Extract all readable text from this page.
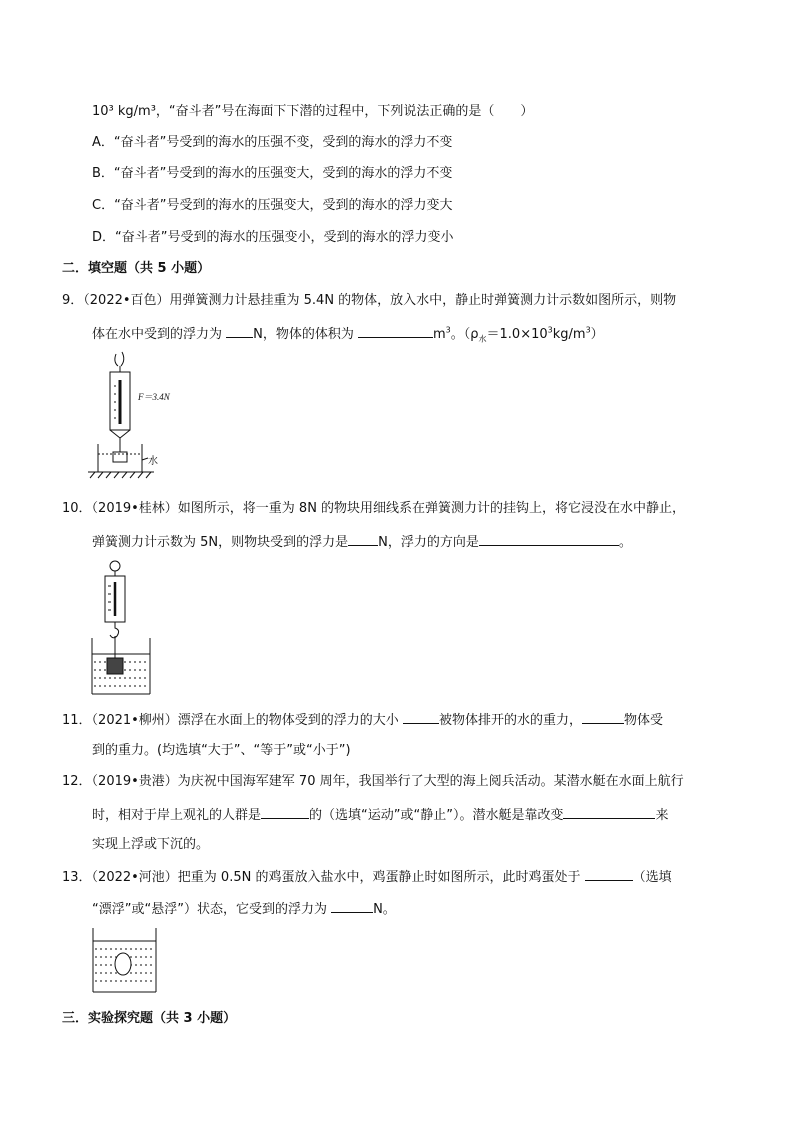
10³ kg/m³，“奋斗者”号在海面下下潜的过程中，下列说法正确的是（　　）
A．“奋斗者”号受到的海水的压强不变，受到的海水的浮力不变
B．“奋斗者”号受到的海水的压强变大，受到的海水的浮力不变
C．“奋斗者”号受到的海水的压强变大，受到的海水的浮力变大
D．“奋斗者”号受到的海水的压强变小，受到的海水的浮力变小
二．填空题（共 5 小题）
9．（2022•百色）用弹簧测力计悬挂重为 5.4N 的物体，放入水中，静止时弹簧测力计示数如图所示，则物
体在水中受到的浮力为 N，物体的体积为	$m^3$。$(\rho_水=1.0\times 10^3kg/m^3)$
F＝3.4N
水
10．（2019•桂林）如图所示，将一重为 8N 的物块用细线系在弹簧测力计的挂钩上，将它浸没在水中静止，
弹簧测力计示数为 5N，则物块受到的浮力是 N，浮力的方向是	。
11．（2021•柳州）漂浮在水面上的物体受到的浮力的大小	被物体排开的水的重力，	物体受
到的重力。(均选填“大于”、“等于”或“小于”)
12．（2019•贵港）为庆祝中国海军建军 70 周年，我国举行了大型的海上阅兵活动。某潜水艇在水面上航行
时，相对于岸上观礼的人群是	的（选填“运动”或“静止”）。潜水艇是靠改变	来
实现上浮或下沉的。
13．（2022•河池）把重为 0.5N 的鸡蛋放入盐水中，鸡蛋静止时如图所示，此时鸡蛋处于	（选填
“漂浮”或“悬浮”）状态，它受到的浮力为	N。
三．实验探究题（共 3 小题）
